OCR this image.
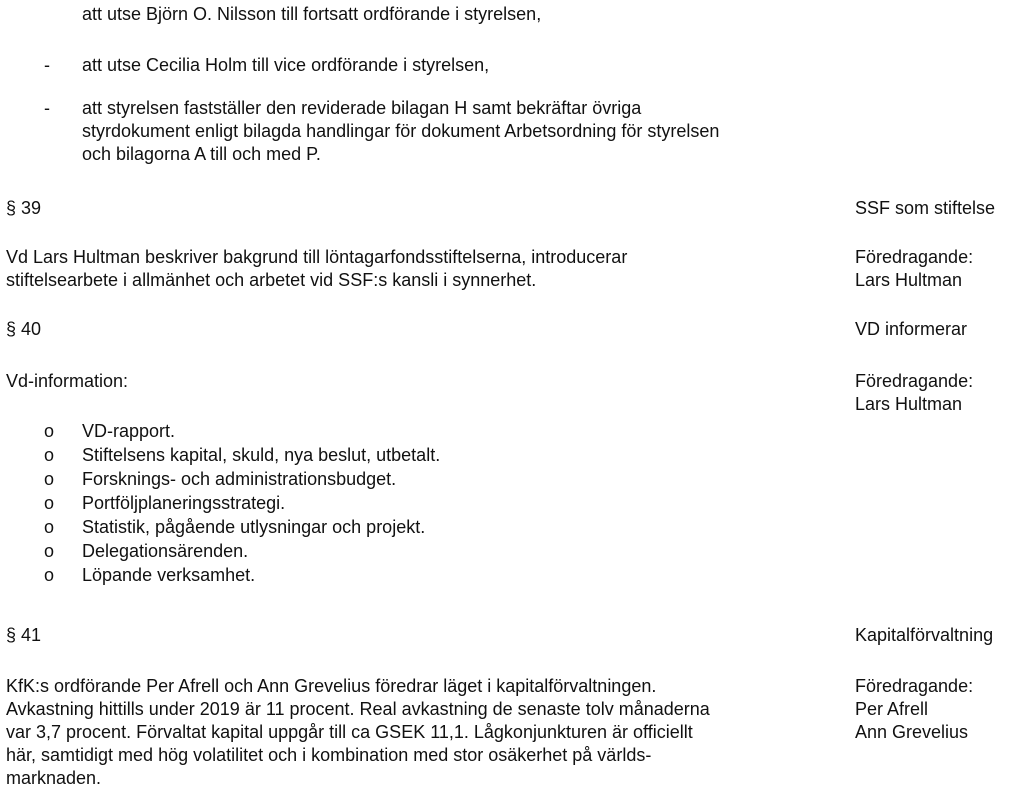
att utse Björn O. Nilsson till fortsatt ordförande i styrelsen,
- att utse Cecilia Holm till vice ordförande i styrelsen,
- att styrelsen fastställer den reviderade bilagan H samt bekräftar övriga
styrdokument enligt bilagda handlingar för dokument Arbetsordning för styrelsen
och bilagorna A till och med P.
§ 39	SSF som stiftelse
Vd Lars Hultman beskriver bakgrund till löntagarfondsstiftelserna, introducerar
stiftelsearbete i allmänhet och arbetet vid SSF:s kansli i synnerhet.
Föredragande:
Lars Hultman
§ 40	VD informerar
Vd-information:	Föredragande:
Lars Hultman
o VD-rapport.
o Stiftelsens kapital, skuld, nya beslut, utbetalt.
o Forsknings- och administrationsbudget.
o Portföljplaneringsstrategi.
o Statistik, pågående utlysningar och projekt.
o Delegationsärenden.
o Löpande verksamhet.
§ 41	Kapitalförvaltning
KfK:s ordförande Per Afrell och Ann Grevelius föredrar läget i kapitalförvaltningen.
Avkastning hittills under 2019 är 11 procent. Real avkastning de senaste tolv månaderna
var 3,7 procent. Förvaltat kapital uppgår till ca GSEK 11,1. Lågkonjunkturen är officiellt
här, samtidigt med hög volatilitet och i kombination med stor osäkerhet på världs-
marknaden.
Föredragande:
Per Afrell
Ann Grevelius
